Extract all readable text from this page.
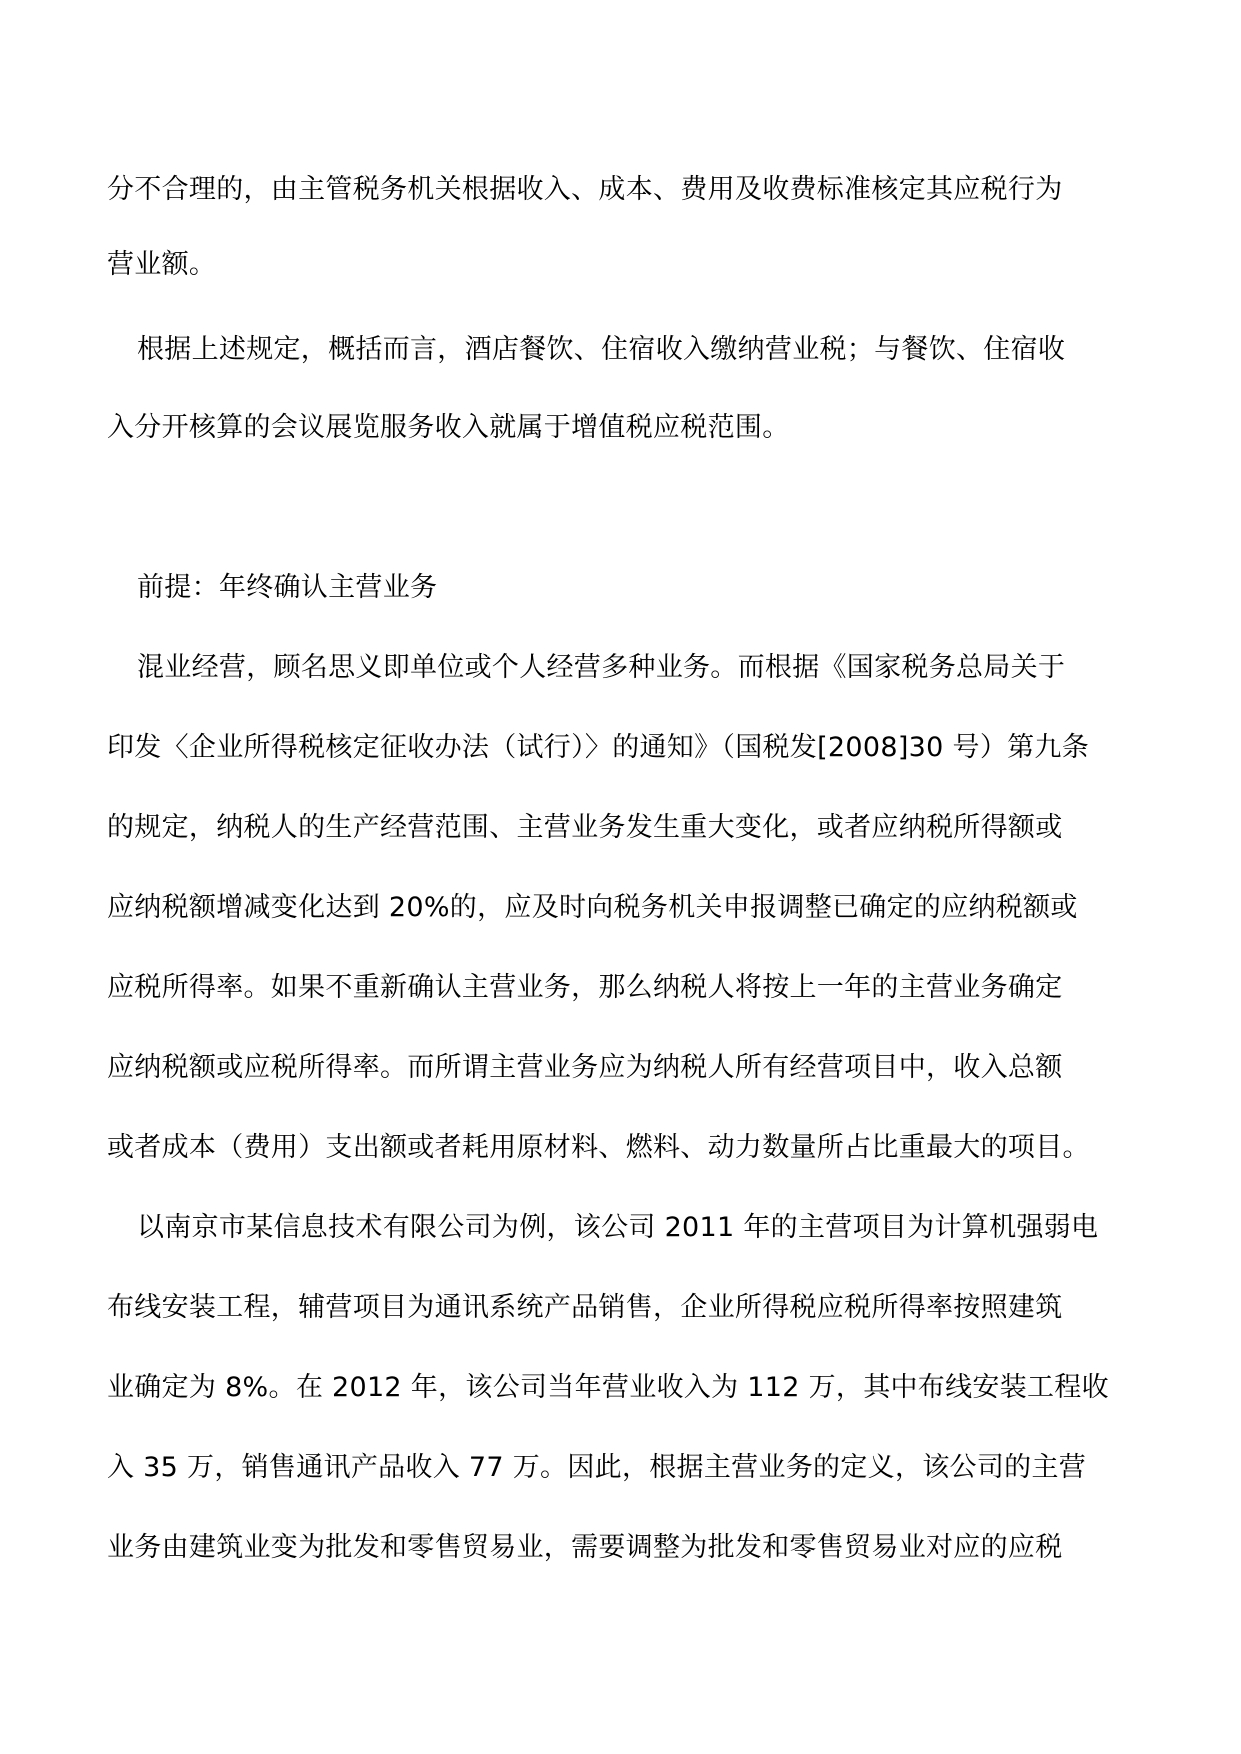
分不合理的，由主管税务机关根据收入、成本、费用及收费标准核定其应税行为
营业额。
根据上述规定，概括而言，酒店餐饮、住宿收入缴纳营业税；与餐饮、住宿收
入分开核算的会议展览服务收入就属于增值税应税范围。
前提：年终确认主营业务
混业经营，顾名思义即单位或个人经营多种业务。而根据《国家税务总局关于
印发〈企业所得税核定征收办法（试行）〉的通知》（国税发[2008]30 号）第九条
的规定，纳税人的生产经营范围、主营业务发生重大变化，或者应纳税所得额或
应纳税额增减变化达到 20%的，应及时向税务机关申报调整已确定的应纳税额或
应税所得率。如果不重新确认主营业务，那么纳税人将按上一年的主营业务确定
应纳税额或应税所得率。而所谓主营业务应为纳税人所有经营项目中，收入总额
或者成本（费用）支出额或者耗用原材料、燃料、动力数量所占比重最大的项目。
以南京市某信息技术有限公司为例，该公司 2011 年的主营项目为计算机强弱电
布线安装工程，辅营项目为通讯系统产品销售，企业所得税应税所得率按照建筑
业确定为 8%。在 2012 年，该公司当年营业收入为 112 万，其中布线安装工程收
入 35 万，销售通讯产品收入 77 万。因此，根据主营业务的定义，该公司的主营
业务由建筑业变为批发和零售贸易业，需要调整为批发和零售贸易业对应的应税
